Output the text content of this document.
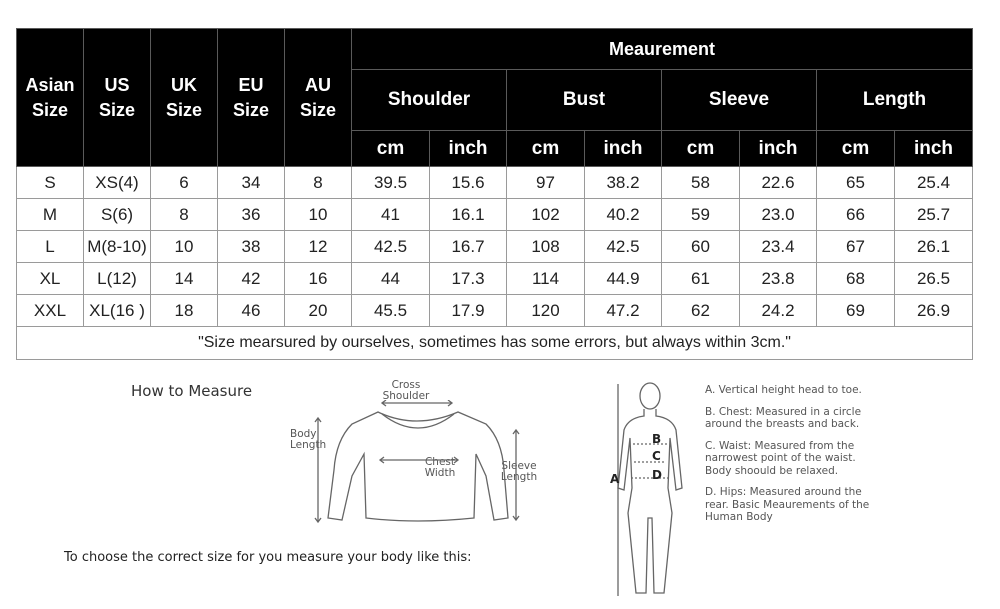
Asian Size	US Size	UK Size	EU Size	AU Size	Meaurement							
					Shoulder		Bust		Sleeve		Length	
					cm	inch	cm	inch	cm	inch	cm	inch
S	XS(4)	6	34	8	39.5	15.6	97	38.2	58	22.6	65	25.4
M	S(6)	8	36	10	41	16.1	102	40.2	59	23.0	66	25.7
L	M(8-10)	10	38	12	42.5	16.7	108	42.5	60	23.4	67	26.1
XL	L(12)	14	42	16	44	17.3	114	44.9	61	23.8	68	26.5
XXL	XL(16 )	18	46	20	45.5	17.9	120	47.2	62	24.2	69	26.9
"Size mearsured by ourselves, sometimes has some errors, but always within 3cm."												
How to Measure	Cross Shoulder
Body Length
Chest Width
Sleeve Length
To choose the correct size for you measure your body like this:
A
B
C
D
A. Vertical height head to toe.
B. Chest: Measured in a circle around the breasts and back.
C. Waist: Measured from the narrowest point of the waist. Body shoould be relaxed.
D. Hips: Measured around the rear. Basic Meaurements of the Human Body
